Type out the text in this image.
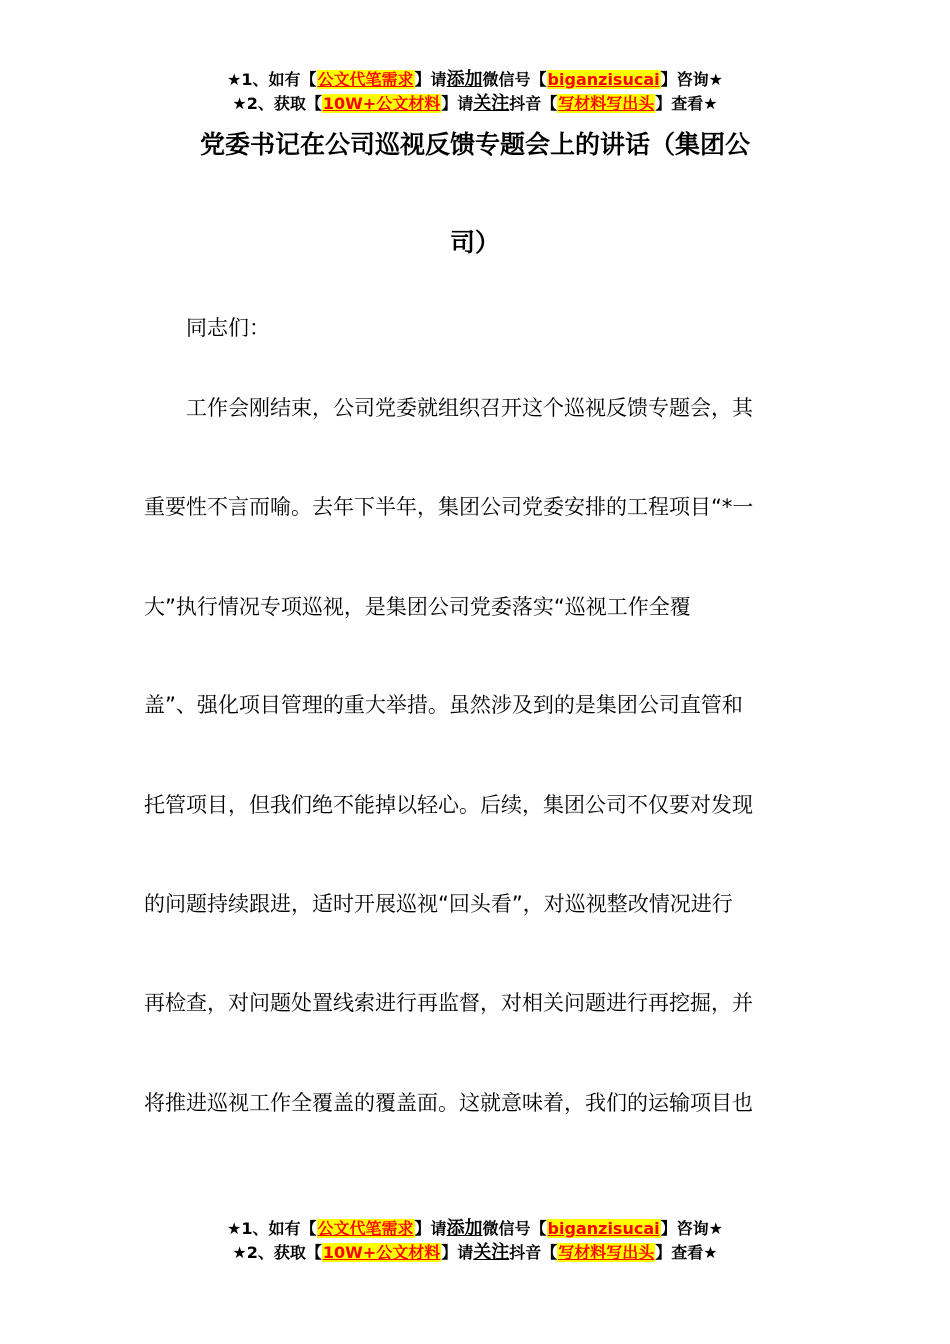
★1、如有【公文代笔需求】请添加微信号【biganzisucai】咨询★
★2、获取【10W+公文材料】请关注抖音【写材料写出头】查看★
党委书记在公司巡视反馈专题会上的讲话（集团公
司）
　　同志们：
　　工作会刚结束，公司党委就组织召开这个巡视反馈专题会，其
重要性不言而喻。去年下半年，集团公司党委安排的工程项目“*一
大”执行情况专项巡视，是集团公司党委落实“巡视工作全覆
盖”、强化项目管理的重大举措。虽然涉及到的是集团公司直管和
托管项目，但我们绝不能掉以轻心。后续，集团公司不仅要对发现
的问题持续跟进，适时开展巡视“回头看”，对巡视整改情况进行
再检查，对问题处置线索进行再监督，对相关问题进行再挖掘，并
将推进巡视工作全覆盖的覆盖面。这就意味着，我们的运输项目也
★1、如有【公文代笔需求】请添加微信号【biganzisucai】咨询★
★2、获取【10W+公文材料】请关注抖音【写材料写出头】查看★
